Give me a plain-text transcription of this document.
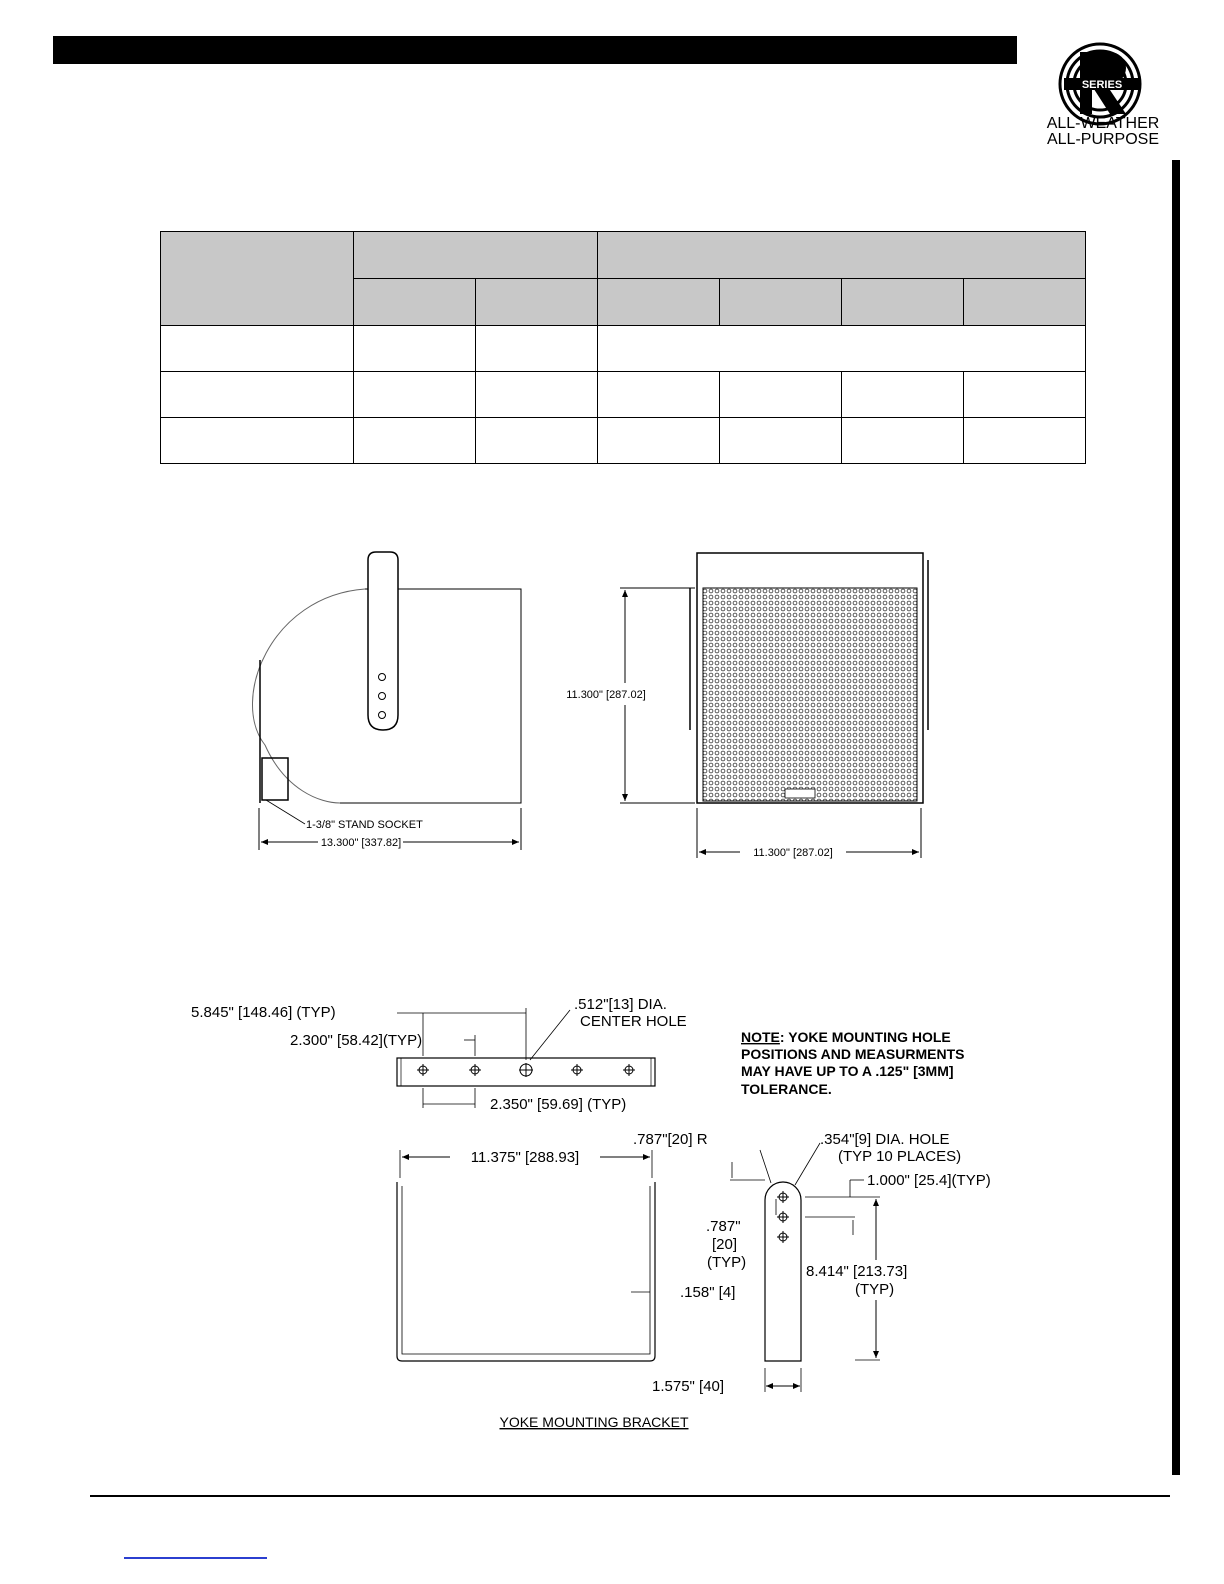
SERIES
ALL-WEATHER
ALL-PURPOSE

1-3/8" STAND SOCKET
13.300" [337.82]
11.300" [287.02]
11.300" [287.02]
5.845" [148.46] (TYP)	.512"[13] DIA.
CENTER HOLE
2.300" [58.42](TYP)
2.350" [59.69] (TYP)
NOTE: YOKE MOUNTING HOLE
POSITIONS AND MEASURMENTS
MAY HAVE UP TO A .125" [3MM]
TOLERANCE.
11.375" [288.93]
.158" [4]
.787"[20] R	.354"[9] DIA. HOLE
(TYP 10 PLACES)
1.000" [25.4](TYP)
.787"
[20]
(TYP)
8.414" [213.73]
(TYP)
1.575" [40]
YOKE MOUNTING BRACKET
